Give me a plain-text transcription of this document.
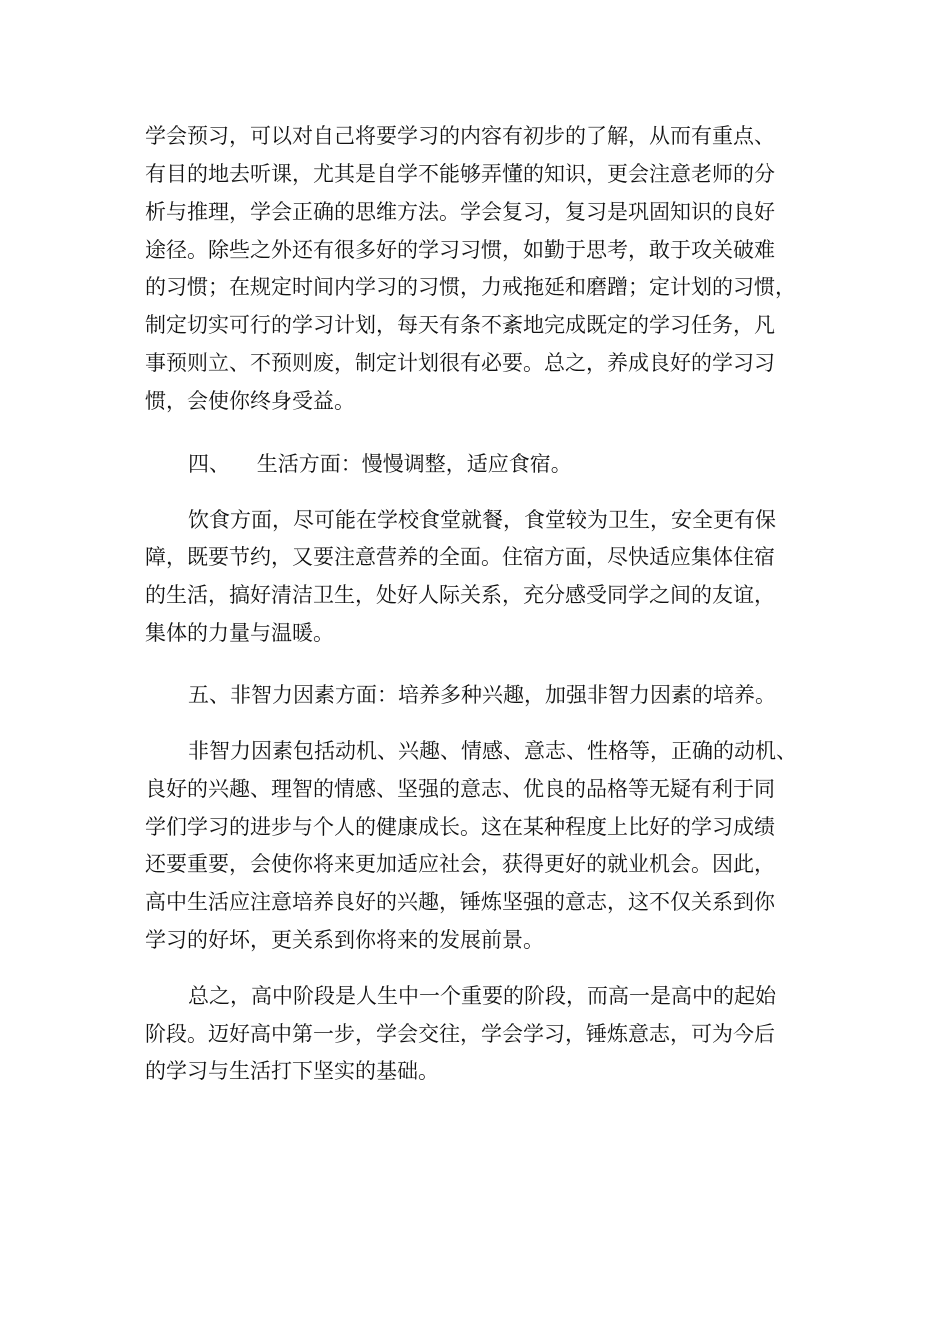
学会预习，可以对自己将要学习的内容有初步的了解，从而有重点、
有目的地去听课，尤其是自学不能够弄懂的知识，更会注意老师的分
析与推理，学会正确的思维方法。学会复习，复习是巩固知识的良好
途径。除些之外还有很多好的学习习惯，如勤于思考，敢于攻关破难
的习惯；在规定时间内学习的习惯，力戒拖延和磨蹭；定计划的习惯，
制定切实可行的学习计划，每天有条不紊地完成既定的学习任务，凡
事预则立、不预则废，制定计划很有必要。总之，养成良好的学习习
惯，会使你终身受益。
四、    生活方面：慢慢调整，适应食宿。
饮食方面，尽可能在学校食堂就餐，食堂较为卫生，安全更有保
障，既要节约，又要注意营养的全面。住宿方面，尽快适应集体住宿
的生活，搞好清洁卫生，处好人际关系，充分感受同学之间的友谊，
集体的力量与温暖。
五、非智力因素方面：培养多种兴趣，加强非智力因素的培养。
非智力因素包括动机、兴趣、情感、意志、性格等，正确的动机、
良好的兴趣、理智的情感、坚强的意志、优良的品格等无疑有利于同
学们学习的进步与个人的健康成长。这在某种程度上比好的学习成绩
还要重要，会使你将来更加适应社会，获得更好的就业机会。因此，
高中生活应注意培养良好的兴趣，锤炼坚强的意志，这不仅关系到你
学习的好坏，更关系到你将来的发展前景。
总之，高中阶段是人生中一个重要的阶段，而高一是高中的起始
阶段。迈好高中第一步，学会交往，学会学习，锤炼意志，可为今后
的学习与生活打下坚实的基础。
